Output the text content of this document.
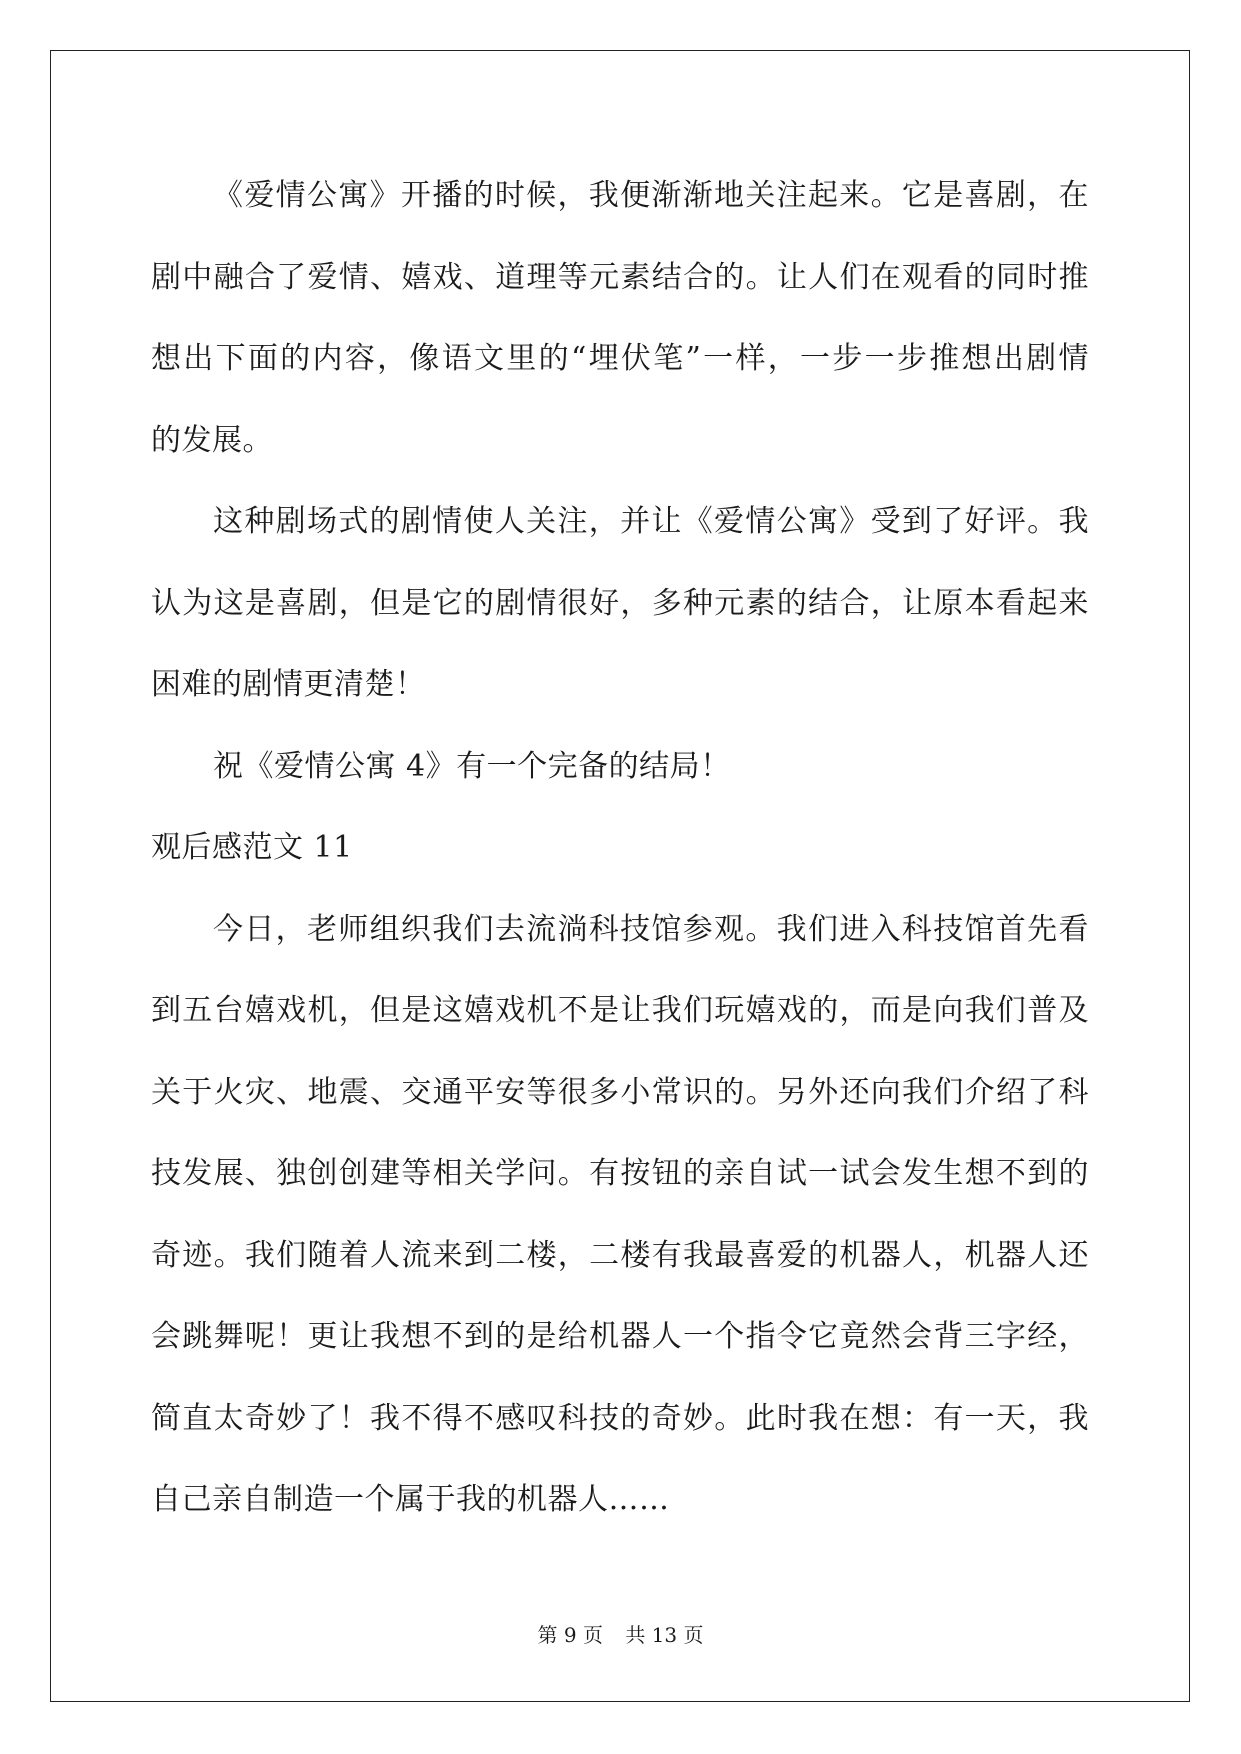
《爱情公寓》开播的时候，我便渐渐地关注起来。它是喜剧，在
剧中融合了爱情、嬉戏、道理等元素结合的。让人们在观看的同时推
想出下面的内容，像语文里的“埋伏笔”一样，一步一步推想出剧情
的发展。
这种剧场式的剧情使人关注，并让《爱情公寓》受到了好评。我
认为这是喜剧，但是它的剧情很好，多种元素的结合，让原本看起来
困难的剧情更清楚！
祝《爱情公寓 4》有一个完备的结局！
观后感范文 11
今日，老师组织我们去流淌科技馆参观。我们进入科技馆首先看
到五台嬉戏机，但是这嬉戏机不是让我们玩嬉戏的，而是向我们普及
关于火灾、地震、交通平安等很多小常识的。另外还向我们介绍了科
技发展、独创创建等相关学问。有按钮的亲自试一试会发生想不到的
奇迹。我们随着人流来到二楼，二楼有我最喜爱的机器人，机器人还
会跳舞呢！更让我想不到的是给机器人一个指令它竟然会背三字经，
简直太奇妙了！我不得不感叹科技的奇妙。此时我在想：有一天，我
自己亲自制造一个属于我的机器人……
第 9 页 共 13 页
